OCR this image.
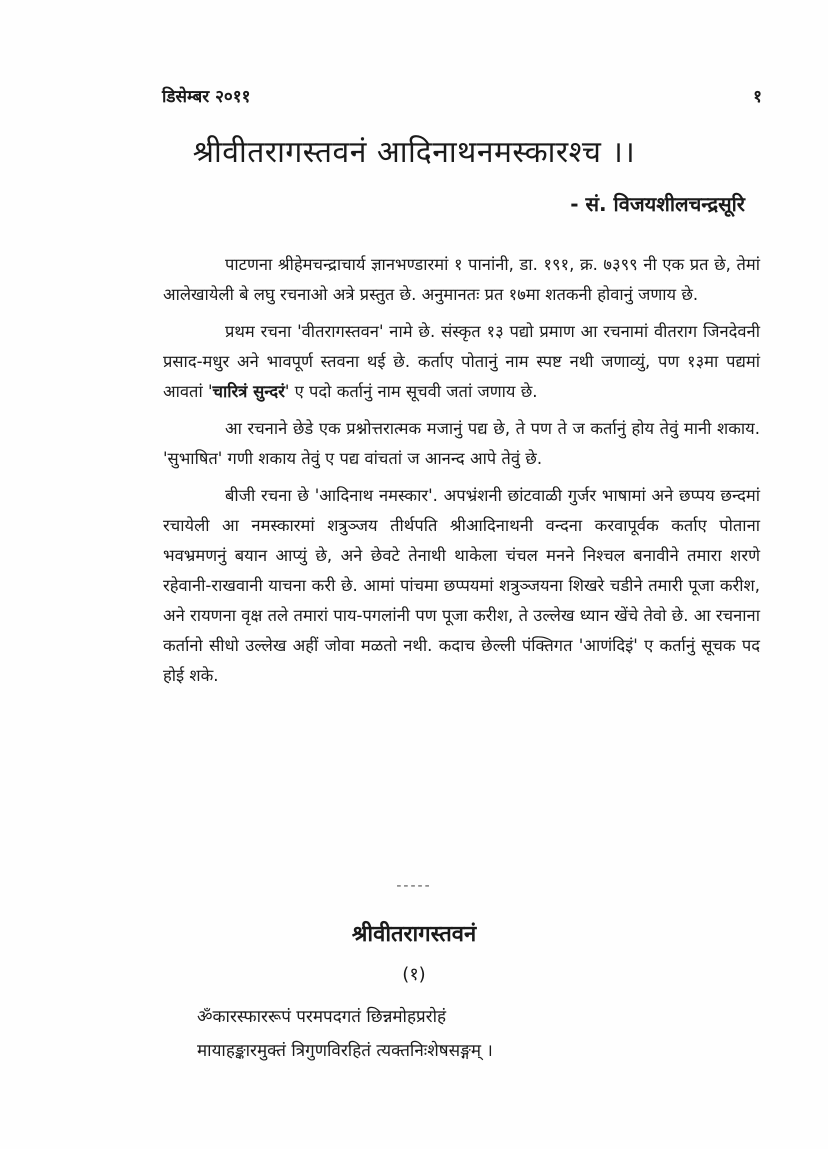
डिसेम्बर २०११	१
श्रीवीतरागस्तवनं आदिनाथनमस्कारश्च ।।
- सं. विजयशीलचन्द्रसूरि

पाटणना श्रीहेमचन्द्राचार्य ज्ञानभण्डारमां १ पानांनी, डा. १९१, क्र. ७३९९ नी एक प्रत छे, तेमां आलेखायेली बे लघु रचनाओ अत्रे प्रस्तुत छे. अनुमानतः प्रत १७मा शतकनी होवानुं जणाय छे.

प्रथम रचना 'वीतरागस्तवन' नामे छे. संस्कृत १३ पद्यो प्रमाण आ रचनामां वीतराग जिनदेवनी प्रसाद-मधुर अने भावपूर्ण स्तवना थई छे. कर्ताए पोतानुं नाम स्पष्ट नथी जणाव्युं, पण १३मा पद्यमां आवतां 'चारित्रं सुन्दरं' ए पदो कर्तानुं नाम सूचवी जतां जणाय छे.

आ रचनाने छेडे एक प्रश्नोत्तरात्मक मजानुं पद्य छे, ते पण ते ज कर्तानुं होय तेवुं मानी शकाय. 'सुभाषित' गणी शकाय तेवुं ए पद्य वांचतां ज आनन्द आपे तेवुं छे.

बीजी रचना छे 'आदिनाथ नमस्कार'. अपभ्रंशनी छांटवाळी गुर्जर भाषामां अने छप्पय छन्दमां रचायेली आ नमस्कारमां शत्रुञ्जय तीर्थपति श्रीआदिनाथनी वन्दना करवापूर्वक कर्ताए पोताना भवभ्रमणनुं बयान आप्युं छे, अने छेवटे तेनाथी थाकेला चंचल मनने निश्चल बनावीने तमारा शरणे रहेवानी-राखवानी याचना करी छे. आमां पांचमा छप्पयमां शत्रुञ्जयना शिखरे चडीने तमारी पूजा करीश, अने रायणना वृक्ष तले तमारां पाय-पगलांनी पण पूजा करीश, ते उल्लेख ध्यान खेंचे तेवो छे. आ रचनाना कर्तानो सीधो उल्लेख अहीं जोवा मळतो नथी. कदाच छेल्ली पंक्तिगत 'आणंदिइं' ए कर्तानुं सूचक पद होई शके.

-----
श्रीवीतरागस्तवनं
(१)
ॐकारस्फाररूपं परमपदगतं छिन्नमोहप्ररोहं
मायाहङ्कारमुक्तं त्रिगुणविरहितं त्यक्तनिःशेषसङ्गम् ।
